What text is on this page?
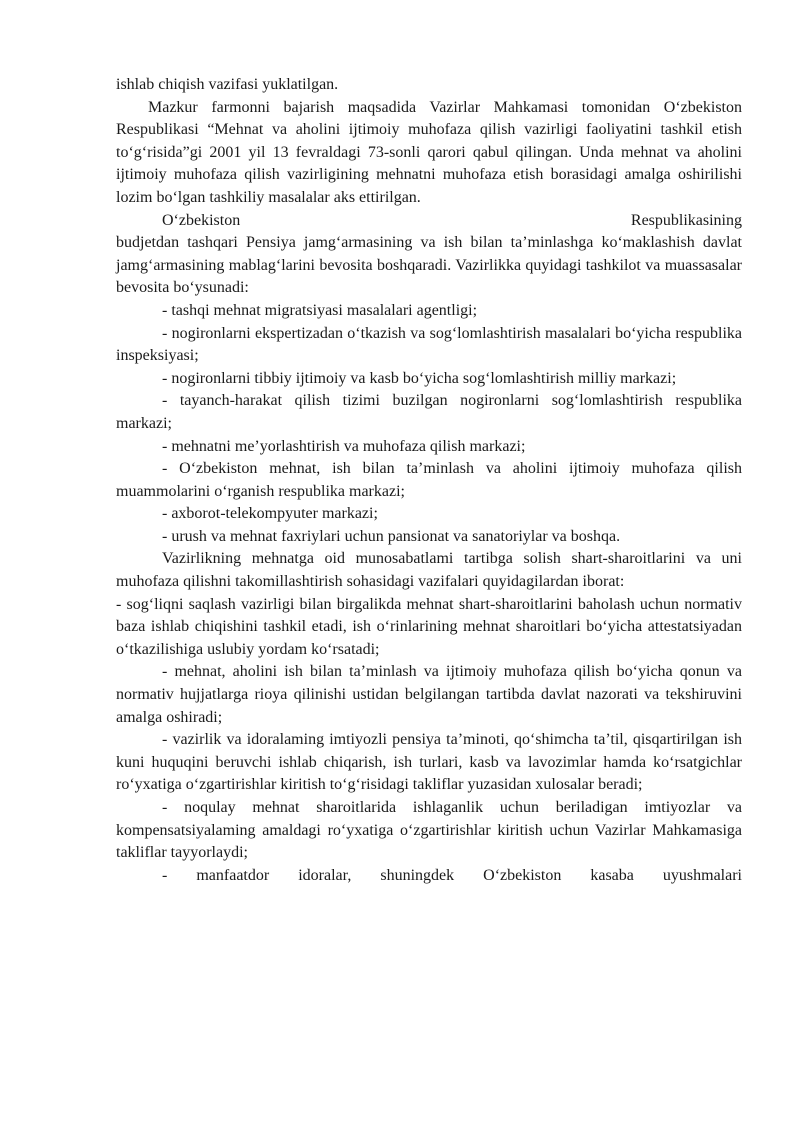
ishlab chiqish vazifasi yuklatilgan.

Mazkur farmonni bajarish maqsadida Vazirlar Mahkamasi tomonidan O‘zbekiston Respublikasi “Mehnat va aholini ijtimoiy muhofaza qilish vazirligi faoliyatini tashkil etish to‘g‘risida”gi 2001 yil 13 fevraldagi 73-sonli qarori qabul qilingan. Unda mehnat va aholini ijtimoiy muhofaza qilish vazirligining mehnatni muhofaza etish borasidagi amalga oshirilishi lozim bo‘lgan tashkiliy masalalar aks ettirilgan.

O‘zbekiston	Respublikasining

budjetdan tashqari Pensiya jamg‘armasining va ish bilan ta’minlashga ko‘maklashish davlat jamg‘armasining mablag‘larini bevosita boshqaradi. Vazirlikka quyidagi tashkilot va muassasalar bevosita bo‘ysunadi:

- tashqi mehnat migratsiyasi masalalari agentligi;

- nogironlarni ekspertizadan o‘tkazish va sog‘lomlashtirish masalalari bo‘yicha respublika inspeksiyasi;

- nogironlarni tibbiy ijtimoiy va kasb bo‘yicha sog‘lomlashtirish milliy markazi;

- tayanch-harakat qilish tizimi buzilgan nogironlarni sog‘lomlashtirish respublika markazi;

- mehnatni me’yorlashtirish va muhofaza qilish markazi;

- O‘zbekiston mehnat, ish bilan ta’minlash va aholini ijtimoiy muhofaza qilish

muammolarini o‘rganish respublika markazi;

- axborot-telekompyuter markazi;

- urush va mehnat faxriylari uchun pansionat va sanatoriylar va boshqa.

Vazirlikning mehnatga oid munosabatlami tartibga solish shart-sharoitlarini va uni muhofaza qilishni takomillashtirish sohasidagi vazifalari quyidagilardan iborat:

- sog‘liqni saqlash vazirligi bilan birgalikda mehnat shart-sharoitlarini baholash uchun normativ baza ishlab chiqishini tashkil etadi, ish o‘rinlarining mehnat sharoitlari bo‘yicha attestatsiyadan o‘tkazilishiga uslubiy yordam ko‘rsatadi;

- mehnat, aholini ish bilan ta’minlash va ijtimoiy muhofaza qilish bo‘yicha qonun va normativ hujjatlarga rioya qilinishi ustidan belgilangan tartibda davlat nazorati va tekshiruvini amalga oshiradi;

- vazirlik va idoralaming imtiyozli pensiya ta’minoti, qo‘shimcha ta’til, qisqartirilgan ish kuni huquqini beruvchi ishlab chiqarish, ish turlari, kasb va lavozimlar hamda ko‘rsatgichlar ro‘yxatiga o‘zgartirishlar kiritish to‘g‘risidagi takliflar yuzasidan xulosalar beradi;

- noqulay mehnat sharoitlarida ishlaganlik uchun beriladigan imtiyozlar va kompensatsiyalaming amaldagi ro‘yxatiga o‘zgartirishlar kiritish uchun Vazirlar Mahkamasiga takliflar tayyorlaydi;

- manfaatdor idoralar, shuningdek O‘zbekiston kasaba uyushmalari
